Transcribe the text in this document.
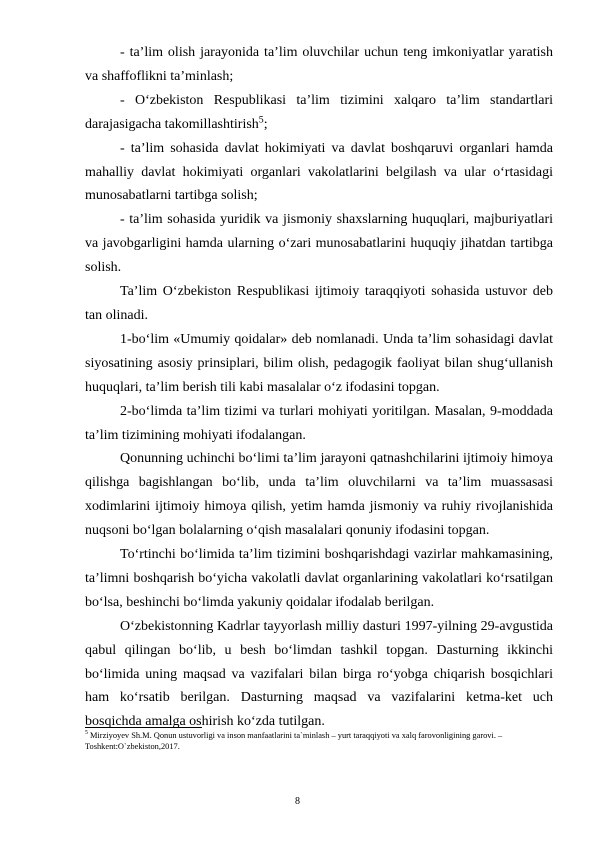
- ta’lim olish jarayonida ta’lim oluvchilar uchun teng imkoniyatlar yaratish va shaffoflikni ta’minlash;

- O‘zbekiston Respublikasi ta’lim tizimini xalqaro ta’lim standartlari darajasigacha takomillashtirish$^5$;

- ta’lim sohasida davlat hokimiyati va davlat boshqaruvi organlari hamda mahalliy davlat hokimiyati organlari vakolatlarini belgilash va ular o‘rtasidagi munosabatlarni tartibga solish;

- ta’lim sohasida yuridik va jismoniy shaxslarning huquqlari, majburiyatlari va javobgarligini hamda ularning o‘zari munosabatlarini huquqiy jihatdan tartibga solish.

Ta’lim O‘zbekiston Respublikasi ijtimoiy taraqqiyoti sohasida ustuvor deb tan olinadi.

1-bo‘lim «Umumiy qoidalar» deb nomlanadi. Unda ta’lim sohasidagi davlat siyosatining asosiy prinsiplari, bilim olish, pedagogik faoliyat bilan shug‘ullanish huquqlari, ta’lim berish tili kabi masalalar o‘z ifodasini topgan.

2-bo‘limda ta’lim tizimi va turlari mohiyati yoritilgan. Masalan, 9-moddada ta’lim tizimining mohiyati ifodalangan.

Qonunning uchinchi bo‘limi ta’lim jarayoni qatnashchilarini ijtimoiy himoya qilishga bagishlangan bo‘lib, unda ta’lim oluvchilarni va ta’lim muassasasi xodimlarini ijtimoiy himoya qilish, yetim hamda jismoniy va ruhiy rivojlanishida nuqsoni bo‘lgan bolalarning o‘qish masalalari qonuniy ifodasini topgan.

To‘rtinchi bo‘limida ta’lim tizimini boshqarishdagi vazirlar mahkamasining, ta’limni boshqarish bo‘yicha vakolatli davlat organlarining vakolatlari ko‘rsatilgan bo‘lsa, beshinchi bo‘limda yakuniy qoidalar ifodalab berilgan.

O‘zbekistonning Kadrlar tayyorlash milliy dasturi 1997-yilning 29-avgustida qabul qilingan bo‘lib, u besh bo‘limdan tashkil topgan. Dasturning ikkinchi bo‘limida uning maqsad va vazifalari bilan birga ro‘yobga chiqarish bosqichlari ham ko‘rsatib berilgan. Dasturning maqsad va vazifalarini ketma-ket uch bosqichda amalga oshirish ko‘zda tutilgan.

$^5$ Mirziyoyev Sh.M. Qonun ustuvorligi va inson manfaatlarini ta`minlash – yurt taraqqiyoti va xalq farovonligining garovi. – Toshkent:O`zbekiston,2017.
8
